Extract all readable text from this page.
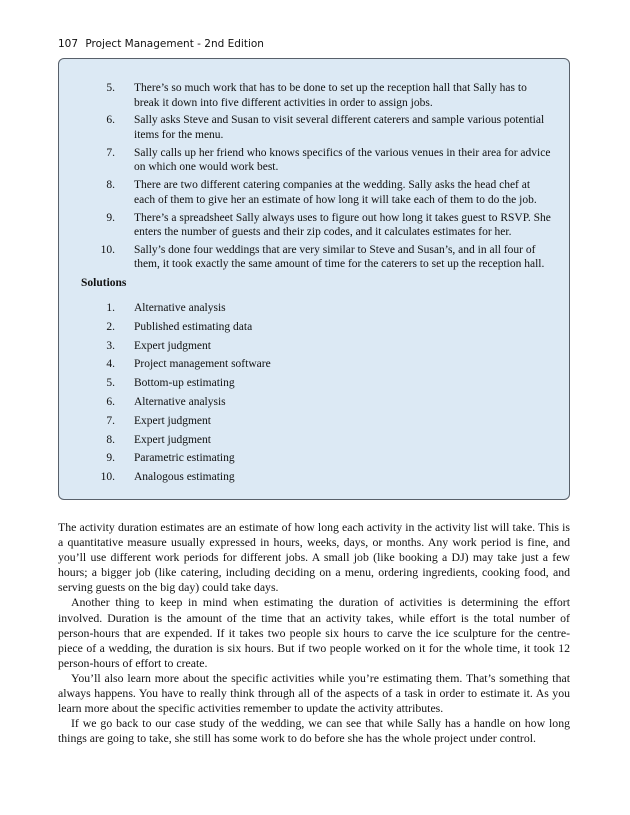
107 Project Management - 2nd Edition
5. There’s so much work that has to be done to set up the reception hall that Sally has to break it down into five different activities in order to assign jobs.
6. Sally asks Steve and Susan to visit several different caterers and sample various potential items for the menu.
7. Sally calls up her friend who knows specifics of the various venues in their area for advice on which one would work best.
8. There are two different catering companies at the wedding. Sally asks the head chef at each of them to give her an estimate of how long it will take each of them to do the job.
9. There’s a spreadsheet Sally always uses to figure out how long it takes guest to RSVP. She enters the number of guests and their zip codes, and it calculates estimates for her.
10. Sally’s done four weddings that are very similar to Steve and Susan’s, and in all four of them, it took exactly the same amount of time for the caterers to set up the reception hall.
Solutions
1. Alternative analysis
2. Published estimating data
3. Expert judgment
4. Project management software
5. Bottom-up estimating
6. Alternative analysis
7. Expert judgment
8. Expert judgment
9. Parametric estimating
10. Analogous estimating

The activity duration estimates are an estimate of how long each activity in the activity list will take. This is a quantitative measure usually expressed in hours, weeks, days, or months. Any work period is fine, and you’ll use different work periods for different jobs. A small job (like booking a DJ) may take just a few hours; a bigger job (like catering, including deciding on a menu, ordering ingredients, cooking food, and serving guests on the big day) could take days.

Another thing to keep in mind when estimating the duration of activities is determining the effort involved. Duration is the amount of the time that an activity takes, while effort is the total number of person-hours that are expended. If it takes two people six hours to carve the ice sculpture for the centre-piece of a wedding, the duration is six hours. But if two people worked on it for the whole time, it took 12 person-hours of effort to create.

You’ll also learn more about the specific activities while you’re estimating them. That’s something that always happens. You have to really think through all of the aspects of a task in order to estimate it. As you learn more about the specific activities remember to update the activity attributes.

If we go back to our case study of the wedding, we can see that while Sally has a handle on how long things are going to take, she still has some work to do before she has the whole project under control.
